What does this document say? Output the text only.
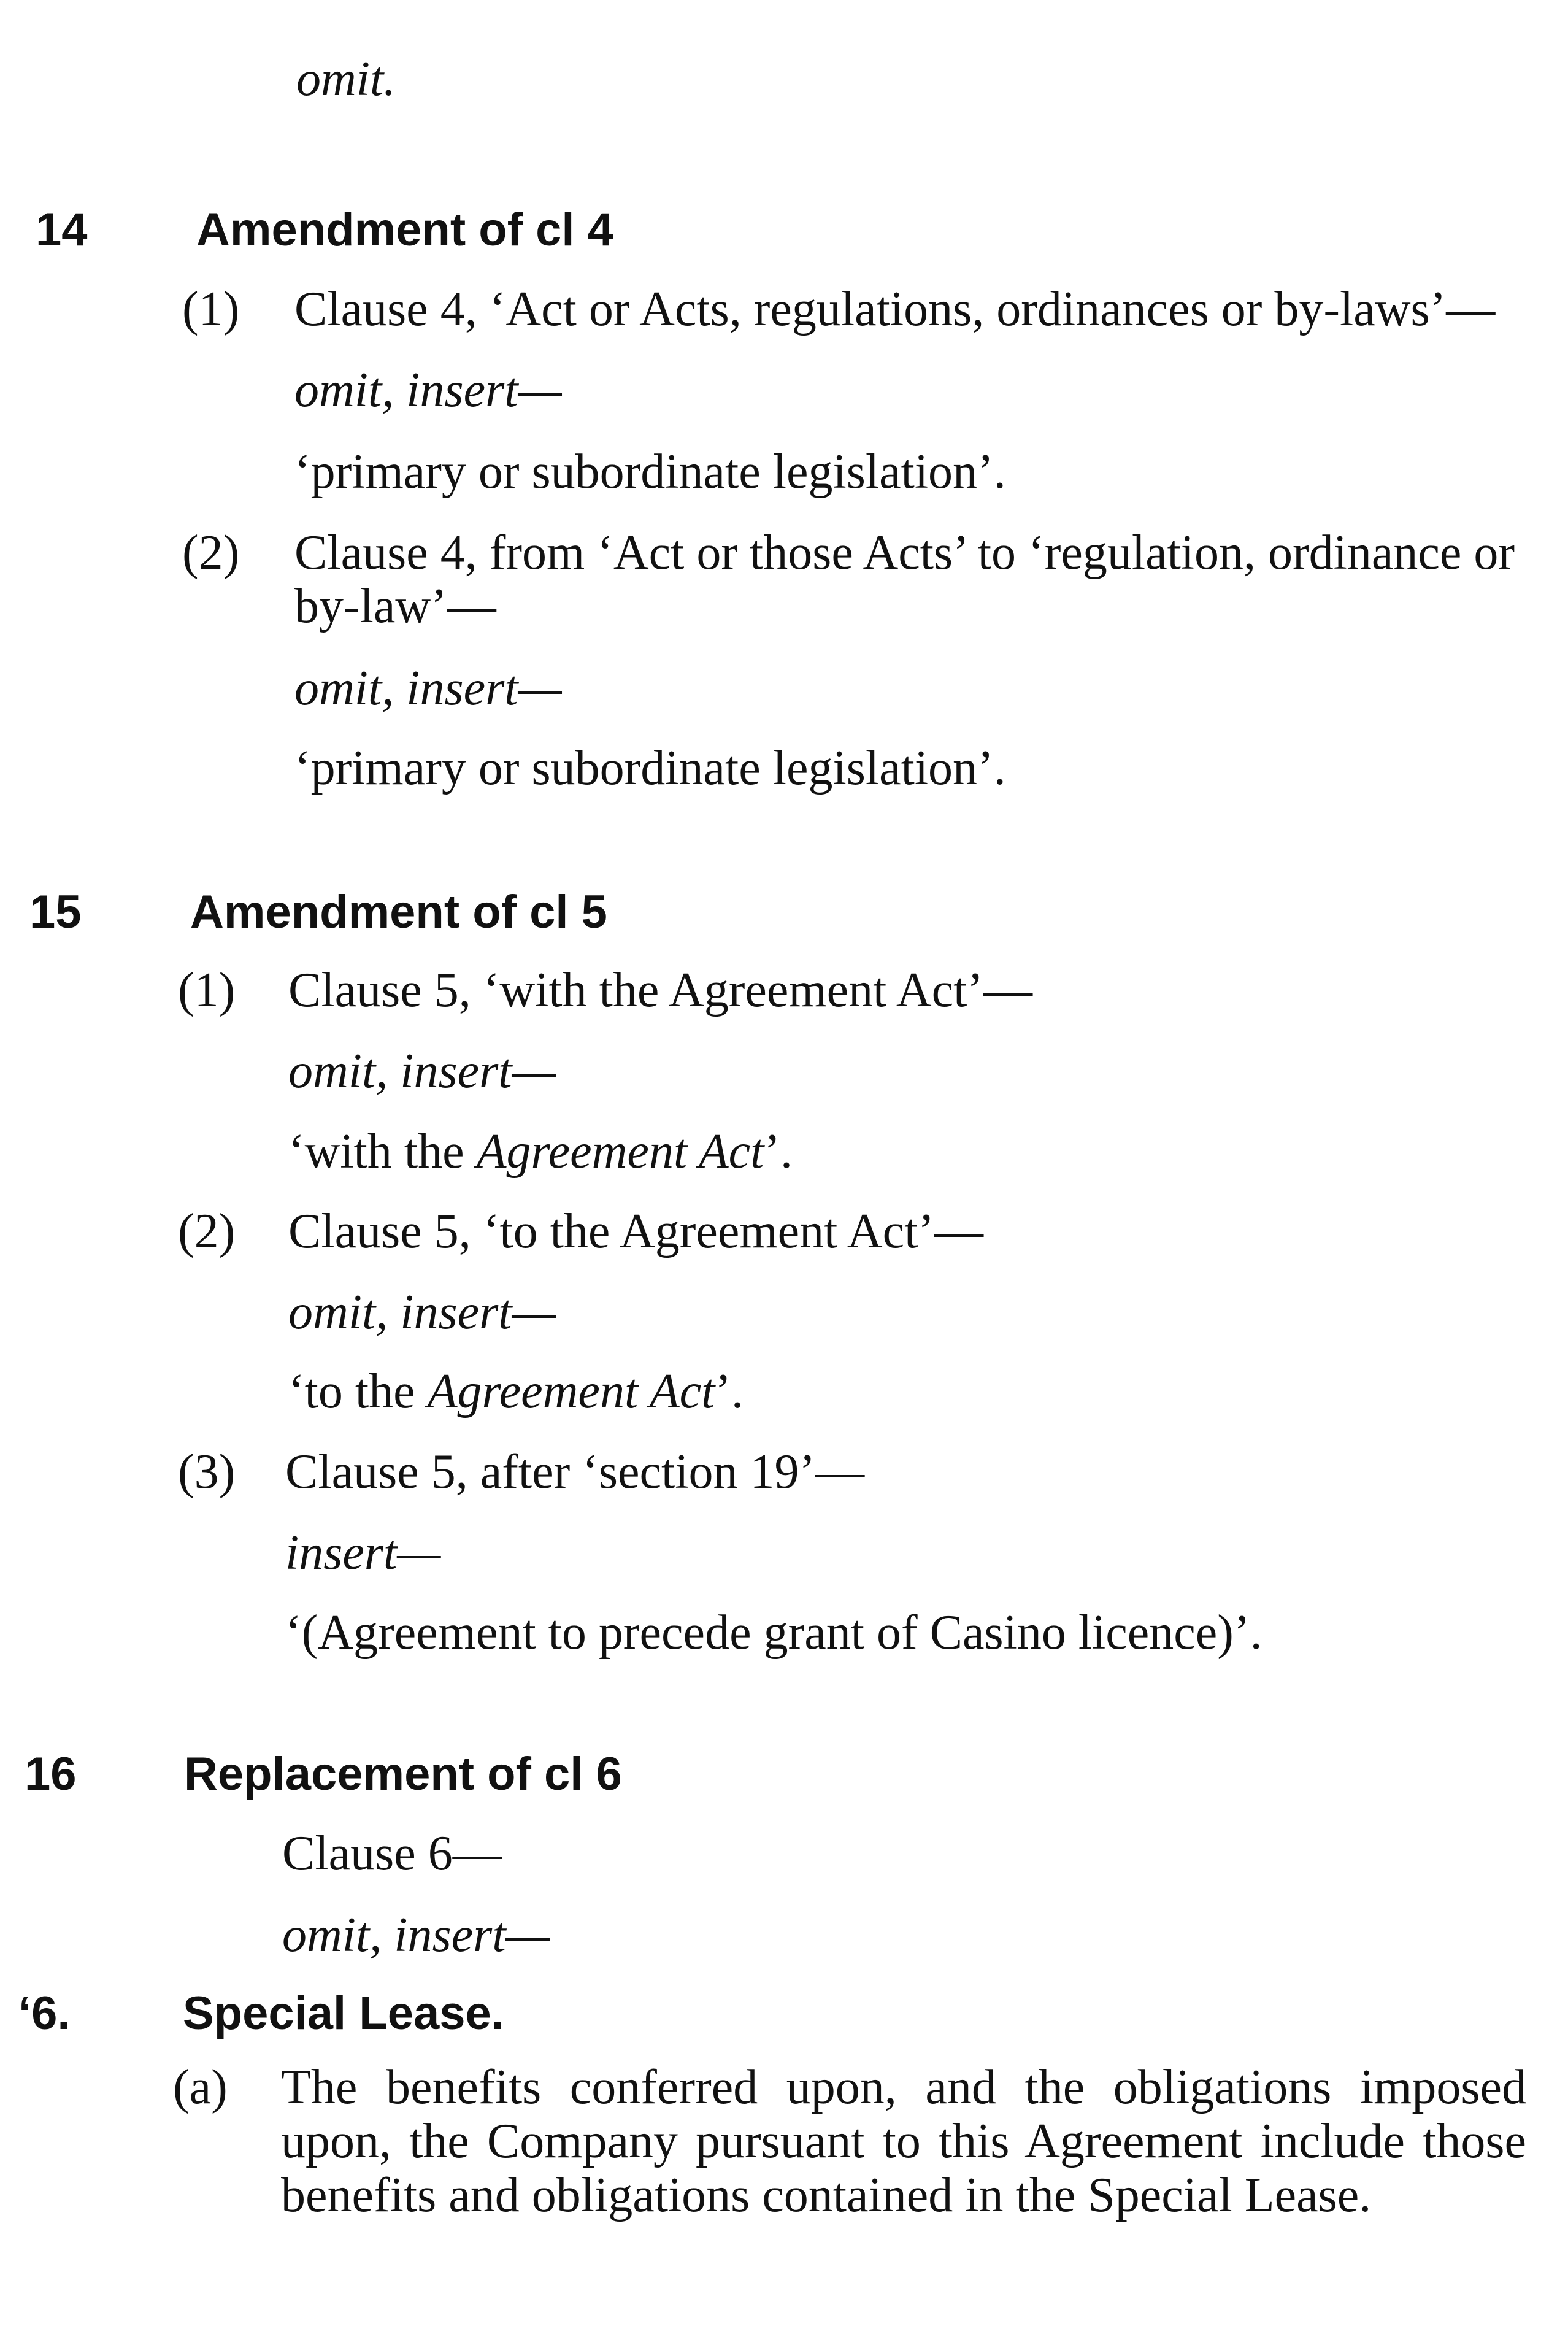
omit.
14 Amendment of cl 4
(1) Clause 4, ‘Act or Acts, regulations, ordinances or by-laws’—
omit, insert—
‘primary or subordinate legislation’.
(2) Clause 4, from ‘Act or those Acts’ to ‘regulation, ordinance or
by-law’—
omit, insert—
‘primary or subordinate legislation’.
15 Amendment of cl 5
(1) Clause 5, ‘with the Agreement Act’—
omit, insert—
‘with the Agreement Act’.
(2) Clause 5, ‘to the Agreement Act’—
omit, insert—
‘to the Agreement Act’.
(3) Clause 5, after ‘section 19’—
insert—
‘(Agreement to precede grant of Casino licence)’.
16 Replacement of cl 6
Clause 6—
omit, insert—
‘6. Special Lease.
(a) The benefits conferred upon, and the obligations imposed upon, the Company pursuant to this Agreement include those benefits and obligations contained in the Special Lease.
